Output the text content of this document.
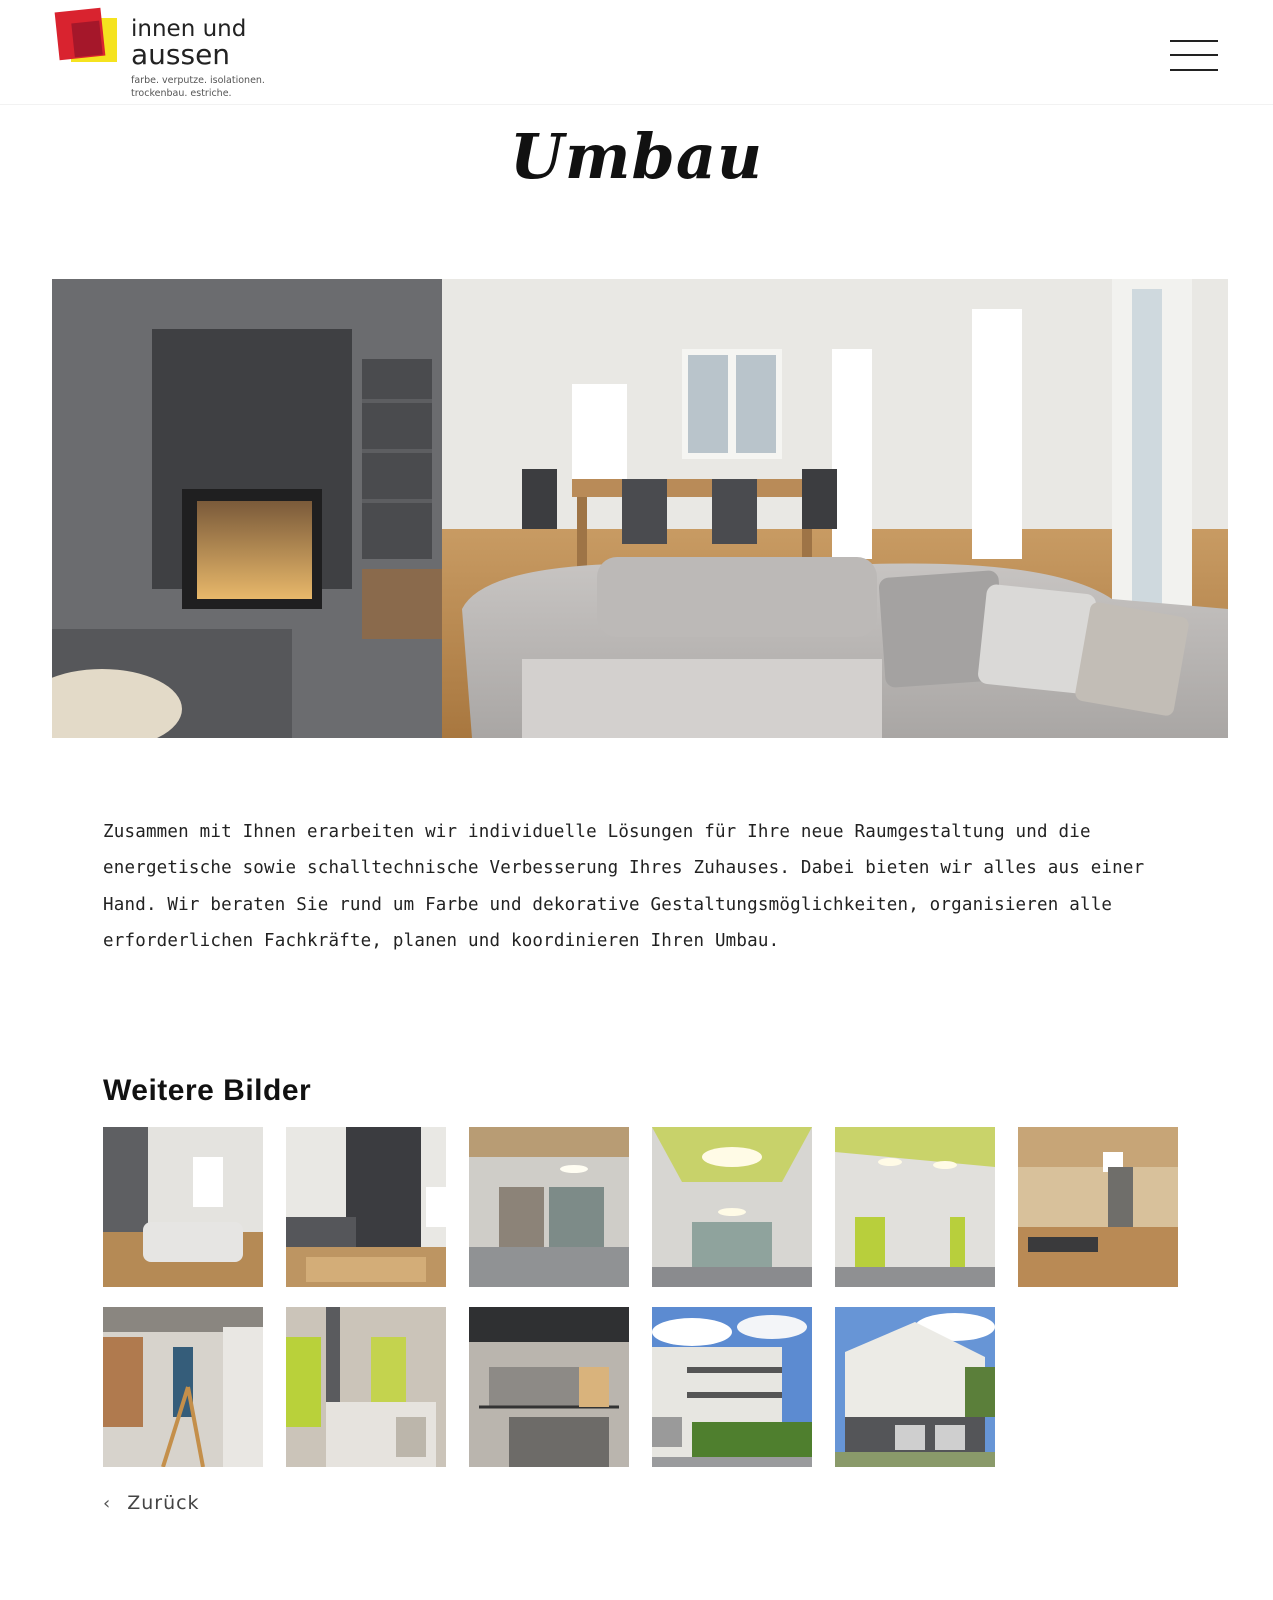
innen und
aussen
farbe. verputze. isolationen. trockenbau. estriche.
Umbau

Zusammen mit Ihnen erarbeiten wir individuelle Lösungen für Ihre neue Raumgestaltung und die energetische sowie schalltechnische Verbesserung Ihres Zuhauses. Dabei bieten wir alles aus einer Hand. Wir beraten Sie rund um Farbe und dekorative Gestaltungsmöglichkeiten, organisieren alle erforderlichen Fachkräfte, planen und koordinieren Ihren Umbau.

Weitere Bilder
‹ Zurück
